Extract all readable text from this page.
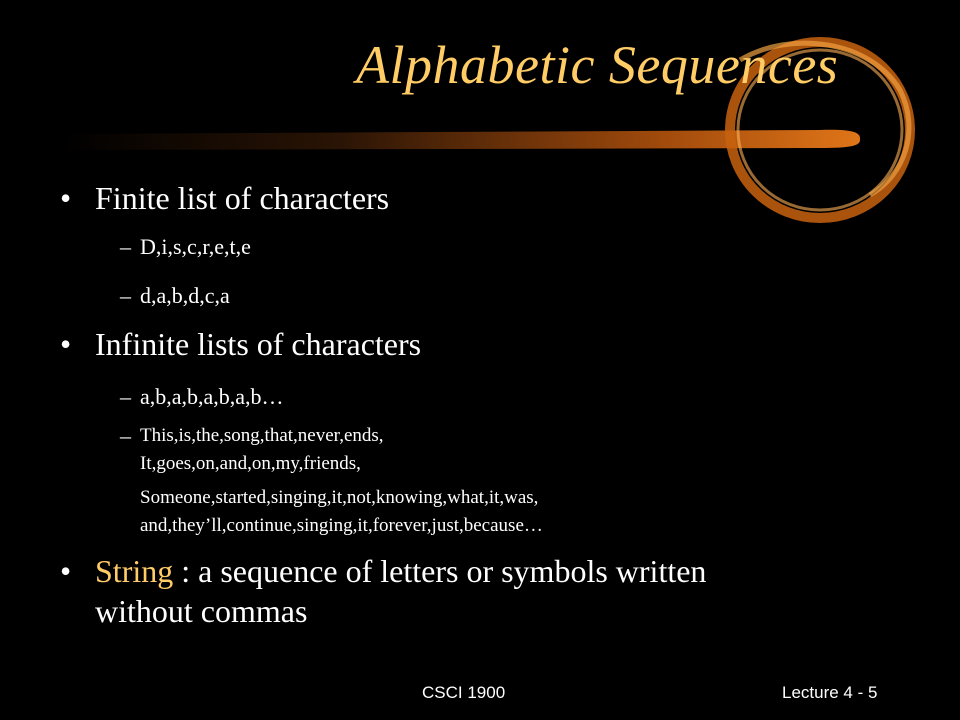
Alphabetic Sequences
• Finite list of characters
– D,i,s,c,r,e,t,e
– d,a,b,d,c,a
• Infinite lists of characters
– a,b,a,b,a,b,a,b…
– This,is,the,song,that,never,ends,
It,goes,on,and,on,my,friends,
Someone,started,singing,it,not,knowing,what,it,was,
and,they’ll,continue,singing,it,forever,just,because…
• String : a sequence of letters or symbols written
without commas
CSCI 1900	Lecture 4 - 5
